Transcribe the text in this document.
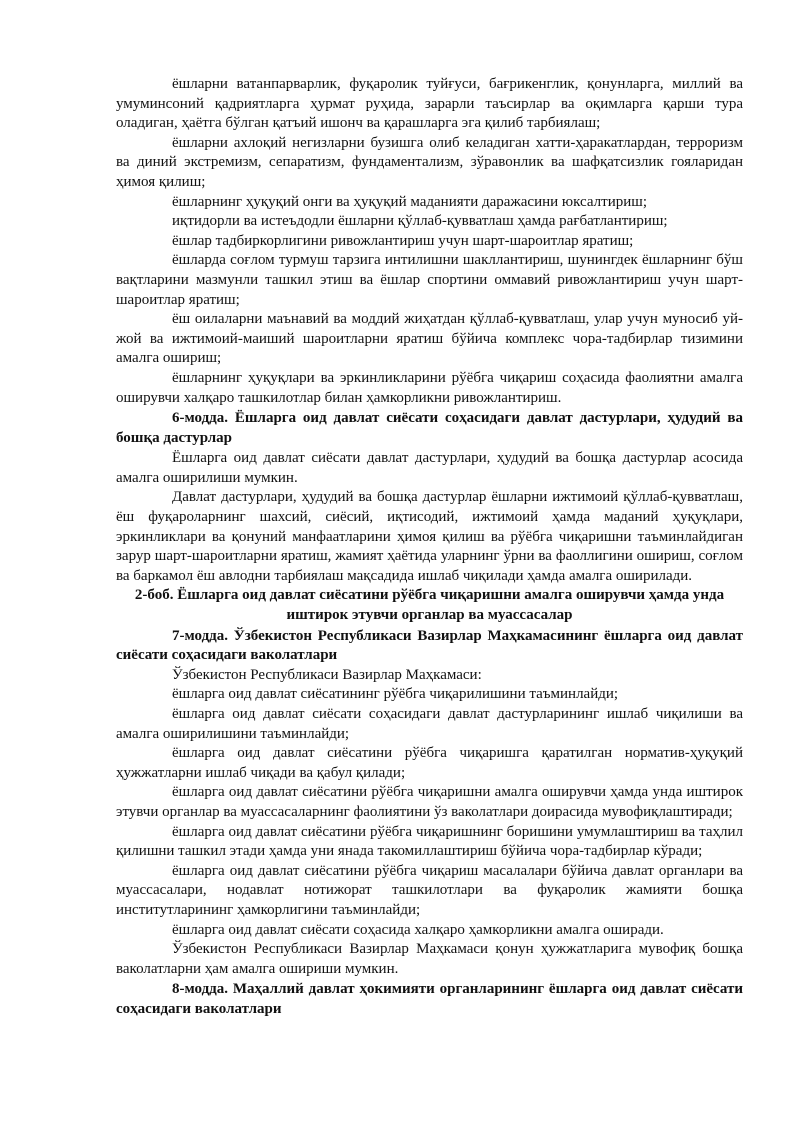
ёшларни ватанпарварлик, фуқаролик туйғуси, бағрикенглик, қонунларга, миллий ва умуминсоний қадриятларга ҳурмат руҳида, зарарли таъсирлар ва оқимларга қарши тура оладиган, ҳаётга бўлган қатъий ишонч ва қарашларга эга қилиб тарбиялаш;

ёшларни ахлоқий негизларни бузишга олиб келадиган хатти-ҳаракатлардан, терроризм ва диний экстремизм, сепаратизм, фундаментализм, зўравонлик ва шафқатсизлик гояларидан ҳимоя қилиш;

ёшларнинг ҳуқуқий онги ва ҳуқуқий маданияти даражасини юксалтириш;

иқтидорли ва истеъдодли ёшларни қўллаб-қувватлаш ҳамда рағбатлантириш;

ёшлар тадбиркорлигини ривожлантириш учун шарт-шароитлар яратиш;

ёшларда соғлом турмуш тарзига интилишни шакллантириш, шунингдек ёшларнинг бўш вақтларини мазмунли ташкил этиш ва ёшлар спортини оммавий ривожлантириш учун шарт-шароитлар яратиш;

ёш оилаларни маънавий ва моддий жиҳатдан қўллаб-қувватлаш, улар учун муносиб уй-жой ва ижтимоий-маиший шароитларни яратиш бўйича комплекс чора-тадбирлар тизимини амалга ошириш;

ёшларнинг ҳуқуқлари ва эркинликларини рўёбга чиқариш соҳасида фаолиятни амалга оширувчи халқаро ташкилотлар билан ҳамкорликни ривожлантириш.

6-модда. Ёшларга оид давлат сиёсати соҳасидаги давлат дастурлари, ҳудудий ва бошқа дастурлар

Ёшларга оид давлат сиёсати давлат дастурлари, ҳудудий ва бошқа дастурлар асосида амалга оширилиши мумкин.

Давлат дастурлари, ҳудудий ва бошқа дастурлар ёшларни ижтимоий қўллаб-қувватлаш, ёш фуқароларнинг шахсий, сиёсий, иқтисодий, ижтимоий ҳамда маданий ҳуқуқлари, эркинликлари ва қонуний манфаатларини ҳимоя қилиш ва рўёбга чиқаришни таъминлайдиган зарур шарт-шароитларни яратиш, жамият ҳаётида уларнинг ўрни ва фаоллигини ошириш, соғлом ва баркамол ёш авлодни тарбиялаш мақсадида ишлаб чиқилади ҳамда амалга оширилади.

2-боб. Ёшларга оид давлат сиёсатини рўёбга чиқаришни амалга оширувчи ҳамда унда иштирок этувчи органлар ва муассасалар

7-модда. Ўзбекистон Республикаси Вазирлар Маҳкамасининг ёшларга оид давлат сиёсати соҳасидаги ваколатлари

Ўзбекистон Республикаси Вазирлар Маҳкамаси:

ёшларга оид давлат сиёсатининг рўёбга чиқарилишини таъминлайди;

ёшларга оид давлат сиёсати соҳасидаги давлат дастурларининг ишлаб чиқилиши ва амалга оширилишини таъминлайди;

ёшларга оид давлат сиёсатини рўёбга чиқаришга қаратилган норматив-ҳуқуқий ҳужжатларни ишлаб чиқади ва қабул қилади;

ёшларга оид давлат сиёсатини рўёбга чиқаришни амалга оширувчи ҳамда унда иштирок этувчи органлар ва муассасаларнинг фаолиятини ўз ваколатлари доирасида мувофиқлаштиради;

ёшларга оид давлат сиёсатини рўёбга чиқаришнинг боришини умумлаштириш ва таҳлил қилишни ташкил этади ҳамда уни янада такомиллаштириш бўйича чора-тадбирлар кўради;

ёшларга оид давлат сиёсатини рўёбга чиқариш масалалари бўйича давлат органлари ва муассасалари, нодавлат нотижорат ташкилотлари ва фуқаролик жамияти бошқа институтларининг ҳамкорлигини таъминлайди;

ёшларга оид давлат сиёсати соҳасида халқаро ҳамкорликни амалга оширади.

Ўзбекистон Республикаси Вазирлар Маҳкамаси қонун ҳужжатларига мувофиқ бошқа ваколатларни ҳам амалга ошириши мумкин.

8-модда. Маҳаллий давлат ҳокимияти органларининг ёшларга оид давлат сиёсати соҳасидаги ваколатлари
